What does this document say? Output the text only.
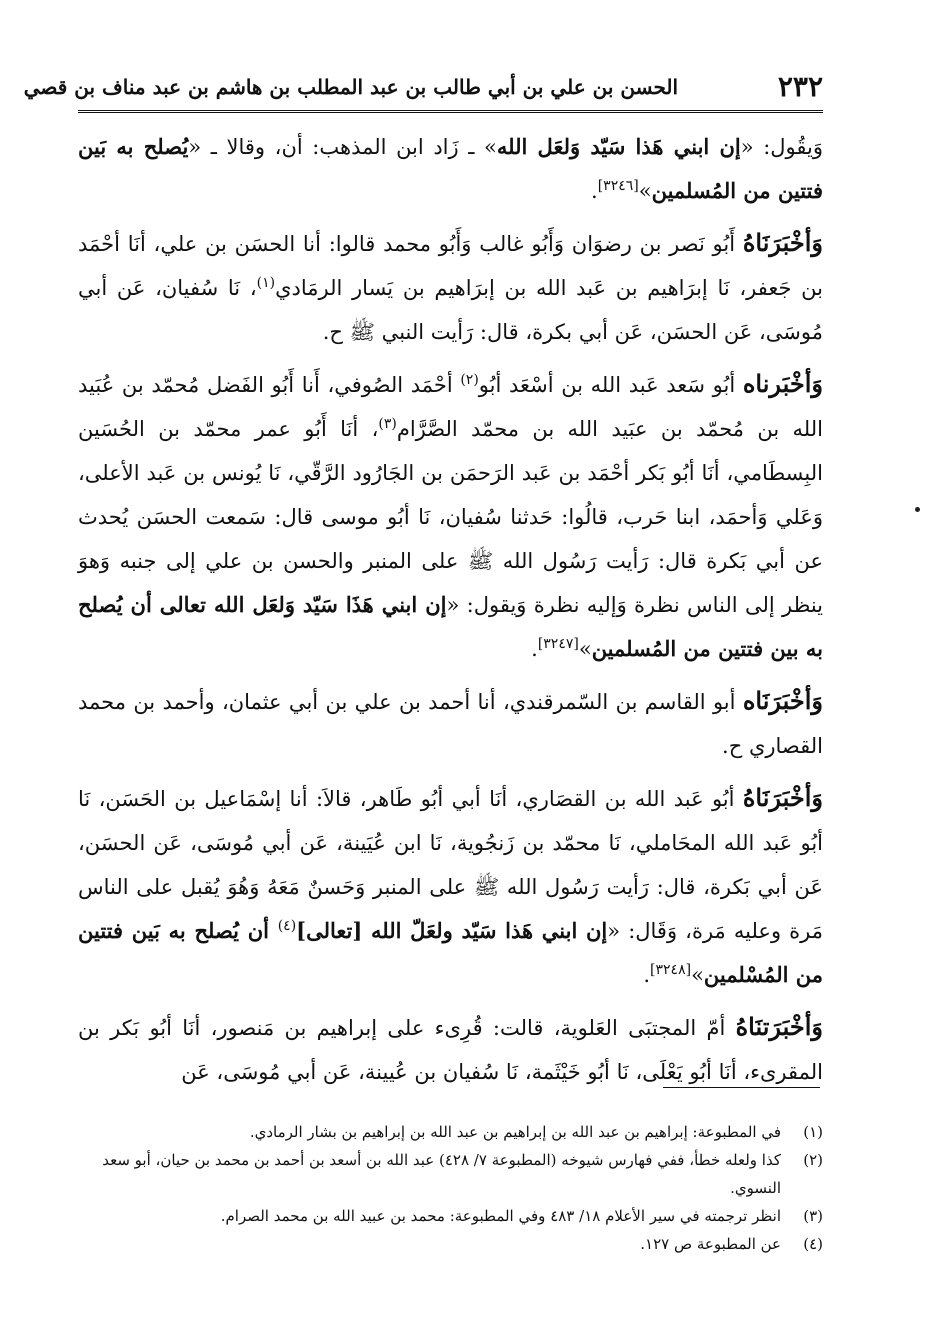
٢٣٢
الحسن بن علي بن أبي طالب بن عبد المطلب بن هاشم بن عبد مناف بن قصي

وَيقُول: «إن ابني هَذا سَيّد وَلعَل الله» ـ زَاد ابن المذهب: أن، وقالا ـ «يُصلح به بَين فتتين من المُسلمين»[٣٢٤٦].

وَأخْبَرَنَاهُ أَبُو نَصر بن رضوَان وَأَبُو غالب وَأَبُو محمد قالوا: أنا الحسَن بن علي، أنَا أحْمَد بن جَعفر، نَا إبرَاهيم بن عَبد الله بن إبرَاهيم بن يَسار الرمَادي$^{(١)}$، نَا سُفيان، عَن أبي مُوسَى، عَن الحسَن، عَن أبي بكرة، قال: رَأيت النبي ﷺ ح.

وَأخْبَرناه أبُو سَعد عَبد الله بن أسْعَد أبُو$^{(٢)}$ أحْمَد الصُوفي، أَنا أَبُو الفَضل مُحمّد بن عُبَيد الله بن مُحمّد بن عبَيد الله بن محمّد الصَّرَّام$^{(٣)}$، أنَا أَبُو عمر محمّد بن الحُسَين البِسطَامي، أنَا أبُو بَكر أحْمَد بن عَبد الرَحمَن بن الجَارُود الرَّقّي، نَا يُونس بن عَبد الأعلى، وَعَلي وَأحمَد، ابنا حَرب، قالُوا: حَدثنا سُفيان، نَا أبُو موسى قال: سَمعت الحسَن يُحدث عن أبي بَكرة قال: رَأيت رَسُول الله ﷺ على المنبر والحسن بن علي إلى جنبه وَهوَ ينظر إلى الناس نظرة وَإليه نظرة وَيقول: «إن ابني هَذَا سَيّد وَلعَل الله تعالى أن يُصلح به بين فتتين من المُسلمين»[٣٢٤٧].

وَأخْبَرَنَاه أبو القاسم بن السّمرقندي، أنا أحمد بن علي بن أبي عثمان، وأحمد بن محمد القصاري ح.

وَأخْبَرَنَاهُ أبُو عَبد الله بن القصَاري، أنَا أبي أبُو طَاهر، قالاَ: أنا إسْمَاعيل بن الحَسَن، نَا أبُو عَبد الله المحَاملي، نَا محمّد بن زَنجُوية، نَا ابن عُيَينة، عَن أبي مُوسَى، عَن الحسَن، عَن أبي بَكرة، قال: رَأيت رَسُول الله ﷺ على المنبر وَحَسنٌ مَعَهُ وَهُوَ يُقبل على الناس مَرة وعليه مَرة، وَقَال: «إن ابني هَذا سَيّد ولعَلّ الله [تعالى]$^{(٤)}$ أن يُصلح به بَين فتتين من المُسْلمين»[٣٢٤٨].

وَأخْبَرَتنَاهُ أمّ المجتبَى العَلوية، قالت: قُرِىء على إبراهيم بن مَنصور، أنَا أبُو بَكر بن المقرىء، أنَا أبُو يَعْلَى، نَا أبُو خَيْثَمة، نَا سُفيان بن عُيينة، عَن أبي مُوسَى، عَن

(١)
في المطبوعة: إبراهيم بن عبد الله بن إبراهيم بن عبد الله بن إبراهيم بن بشار الرمادي.
(٢)
كذا ولعله خطأ، ففي فهارس شيوخه (المطبوعة ٧/ ٤٢٨) عبد الله بن أسعد بن أحمد بن محمد بن حيان، أبو سعد النسوي.
(٣)
انظر ترجمته في سير الأعلام ١٨/ ٤٨٣ وفي المطبوعة: محمد بن عبيد الله بن محمد الصرام.
(٤)
عن المطبوعة ص ١٢٧.
